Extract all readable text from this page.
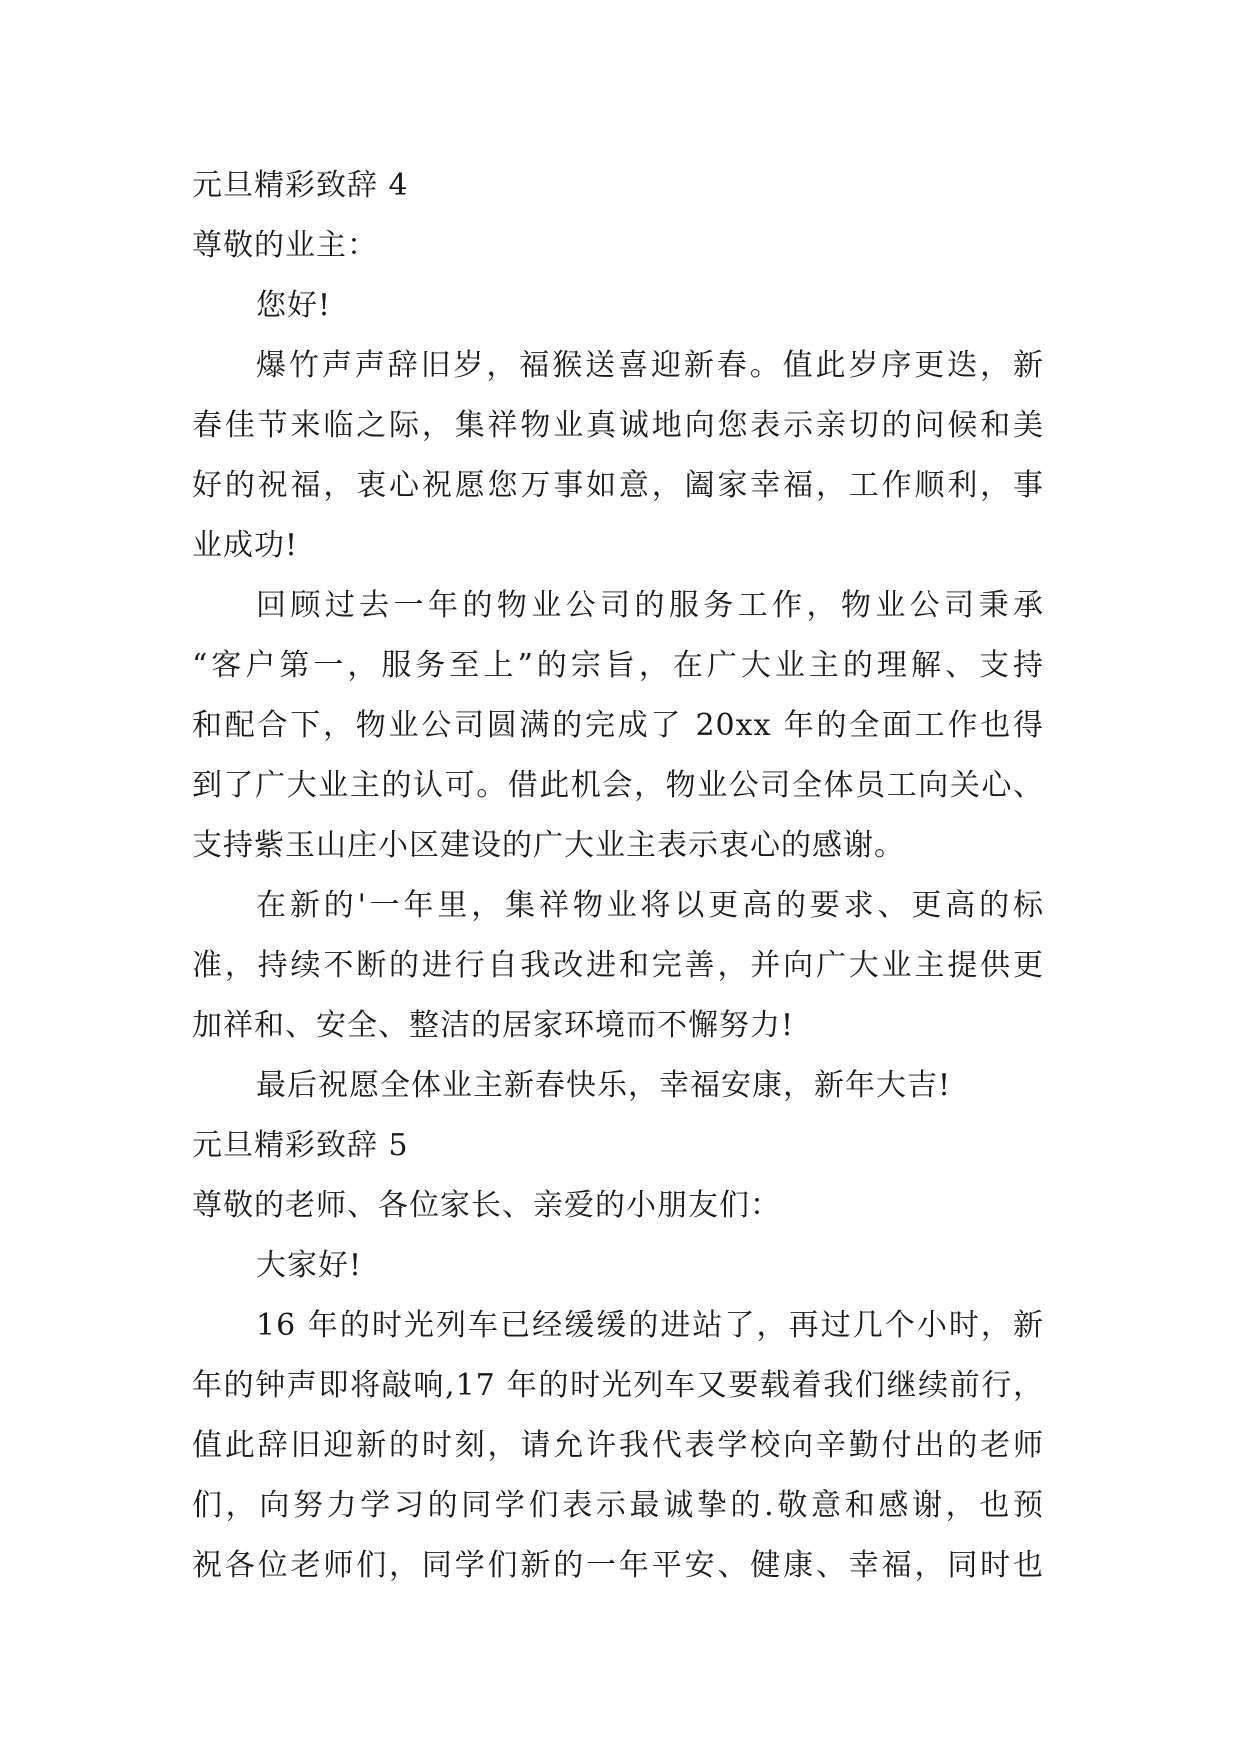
元旦精彩致辞 4
尊敬的业主：
您好!
爆竹声声辞旧岁，福猴送喜迎新春。值此岁序更迭，新
春佳节来临之际，集祥物业真诚地向您表示亲切的问候和美
好的祝福，衷心祝愿您万事如意，阖家幸福，工作顺利，事
业成功!
回顾过去一年的物业公司的服务工作，物业公司秉承
“客户第一，服务至上”的宗旨，在广大业主的理解、支持
和配合下，物业公司圆满的完成了 20xx 年的全面工作也得
到了广大业主的认可。借此机会，物业公司全体员工向关心、
支持紫玉山庄小区建设的广大业主表示衷心的感谢。
在新的'一年里，集祥物业将以更高的要求、更高的标
准，持续不断的进行自我改进和完善，并向广大业主提供更
加祥和、安全、整洁的居家环境而不懈努力!
最后祝愿全体业主新春快乐，幸福安康，新年大吉!
元旦精彩致辞 5
尊敬的老师、各位家长、亲爱的小朋友们：
大家好!
16 年的时光列车已经缓缓的进站了，再过几个小时，新
年的钟声即将敲响,17 年的时光列车又要载着我们继续前行，
值此辞旧迎新的时刻，请允许我代表学校向辛勤付出的老师
们，向努力学习的同学们表示最诚挚的.敬意和感谢，也预
祝各位老师们，同学们新的一年平安、健康、幸福，同时也
